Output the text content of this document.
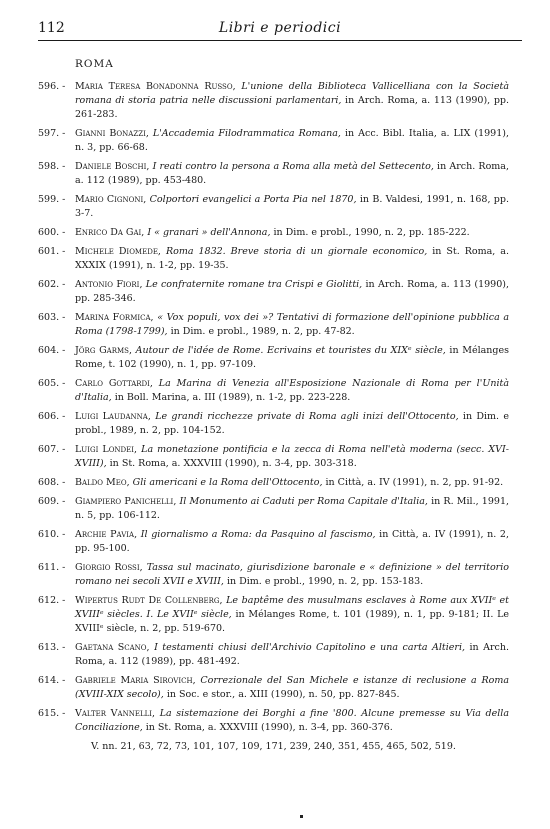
112	Libri e periodici
ROMA
596. -	Maria Teresa Bonadonna Russo, L'unione della Biblioteca Vallicelliana con la Società romana di storia patria nelle discussioni parlamentari, in Arch. Roma, a. 113 (1990), pp. 261-283.
597. -	Gianni Bonazzi, L'Accademia Filodrammatica Romana, in Acc. Bibl. Italia, a. LIX (1991), n. 3, pp. 66-68.
598. -	Daniele Boschi, I reati contro la persona a Roma alla metà del Settecento, in Arch. Roma, a. 112 (1989), pp. 453-480.
599. -	Mario Cignoni, Colportori evangelici a Porta Pia nel 1870, in B. Valdesi, 1991, n. 168, pp. 3-7.
600. -	Enrico Da Gai, I « granari » dell'Annona, in Dim. e probl., 1990, n. 2, pp. 185-222.
601. -	Michele Diomede, Roma 1832. Breve storia di un giornale economico, in St. Roma, a. XXXIX (1991), n. 1-2, pp. 19-35.
602. -	Antonio Fiori, Le confraternite romane tra Crispi e Giolitti, in Arch. Roma, a. 113 (1990), pp. 285-346.
603. -	Marina Formica, « Vox populi, vox dei »? Tentativi di formazione dell'opinione pubblica a Roma (1798-1799), in Dim. e probl., 1989, n. 2, pp. 47-82.
604. -	Jörg Garms, Autour de l'idée de Rome. Ecrivains et touristes du XIXᵉ siècle, in Mélanges Rome, t. 102 (1990), n. 1, pp. 97-109.
605. -	Carlo Gottardi, La Marina di Venezia all'Esposizione Nazionale di Roma per l'Unità d'Italia, in Boll. Marina, a. III (1989), n. 1-2, pp. 223-228.
606. -	Luigi Laudanna, Le grandi ricchezze private di Roma agli inizi dell'Ottocento, in Dim. e probl., 1989, n. 2, pp. 104-152.
607. -	Luigi Londei, La monetazione pontificia e la zecca di Roma nell'età moderna (secc. XVI-XVIII), in St. Roma, a. XXXVIII (1990), n. 3-4, pp. 303-318.
608. -	Baldo Meo, Gli americani e la Roma dell'Ottocento, in Città, a. IV (1991), n. 2, pp. 91-92.
609. -	Giampiero Panichelli, Il Monumento ai Caduti per Roma Capitale d'Italia, in R. Mil., 1991, n. 5, pp. 106-112.
610. -	Archie Pavia, Il giornalismo a Roma: da Pasquino al fascismo, in Città, a. IV (1991), n. 2, pp. 95-100.
611. -	Giorgio Rossi, Tassa sul macinato, giurisdizione baronale e « definizione » del territorio romano nei secoli XVII e XVIII, in Dim. e probl., 1990, n. 2, pp. 153-183.
612. -	Wipertus Rudt De Collenberg, Le baptême des musulmans esclaves à Rome aux XVIIᵉ et XVIIIᵉ siècles. I. Le XVIIᵉ siècle, in Mélanges Rome, t. 101 (1989), n. 1, pp. 9-181; II. Le XVIIIᵉ siècle, n. 2, pp. 519-670.
613. -	Gaetana Scano, I testamenti chiusi dell'Archivio Capitolino e una carta Altieri, in Arch. Roma, a. 112 (1989), pp. 481-492.
614. -	Gabriele Maria Sirovich, Correzionale del San Michele e istanze di reclusione a Roma (XVIII-XIX secolo), in Soc. e stor., a. XIII (1990), n. 50, pp. 827-845.
615. -	Valter Vannelli, La sistemazione dei Borghi a fine '800. Alcune premesse su Via della Conciliazione, in St. Roma, a. XXXVIII (1990), n. 3-4, pp. 360-376.
V. nn. 21, 63, 72, 73, 101, 107, 109, 171, 239, 240, 351, 455, 465, 502, 519.
